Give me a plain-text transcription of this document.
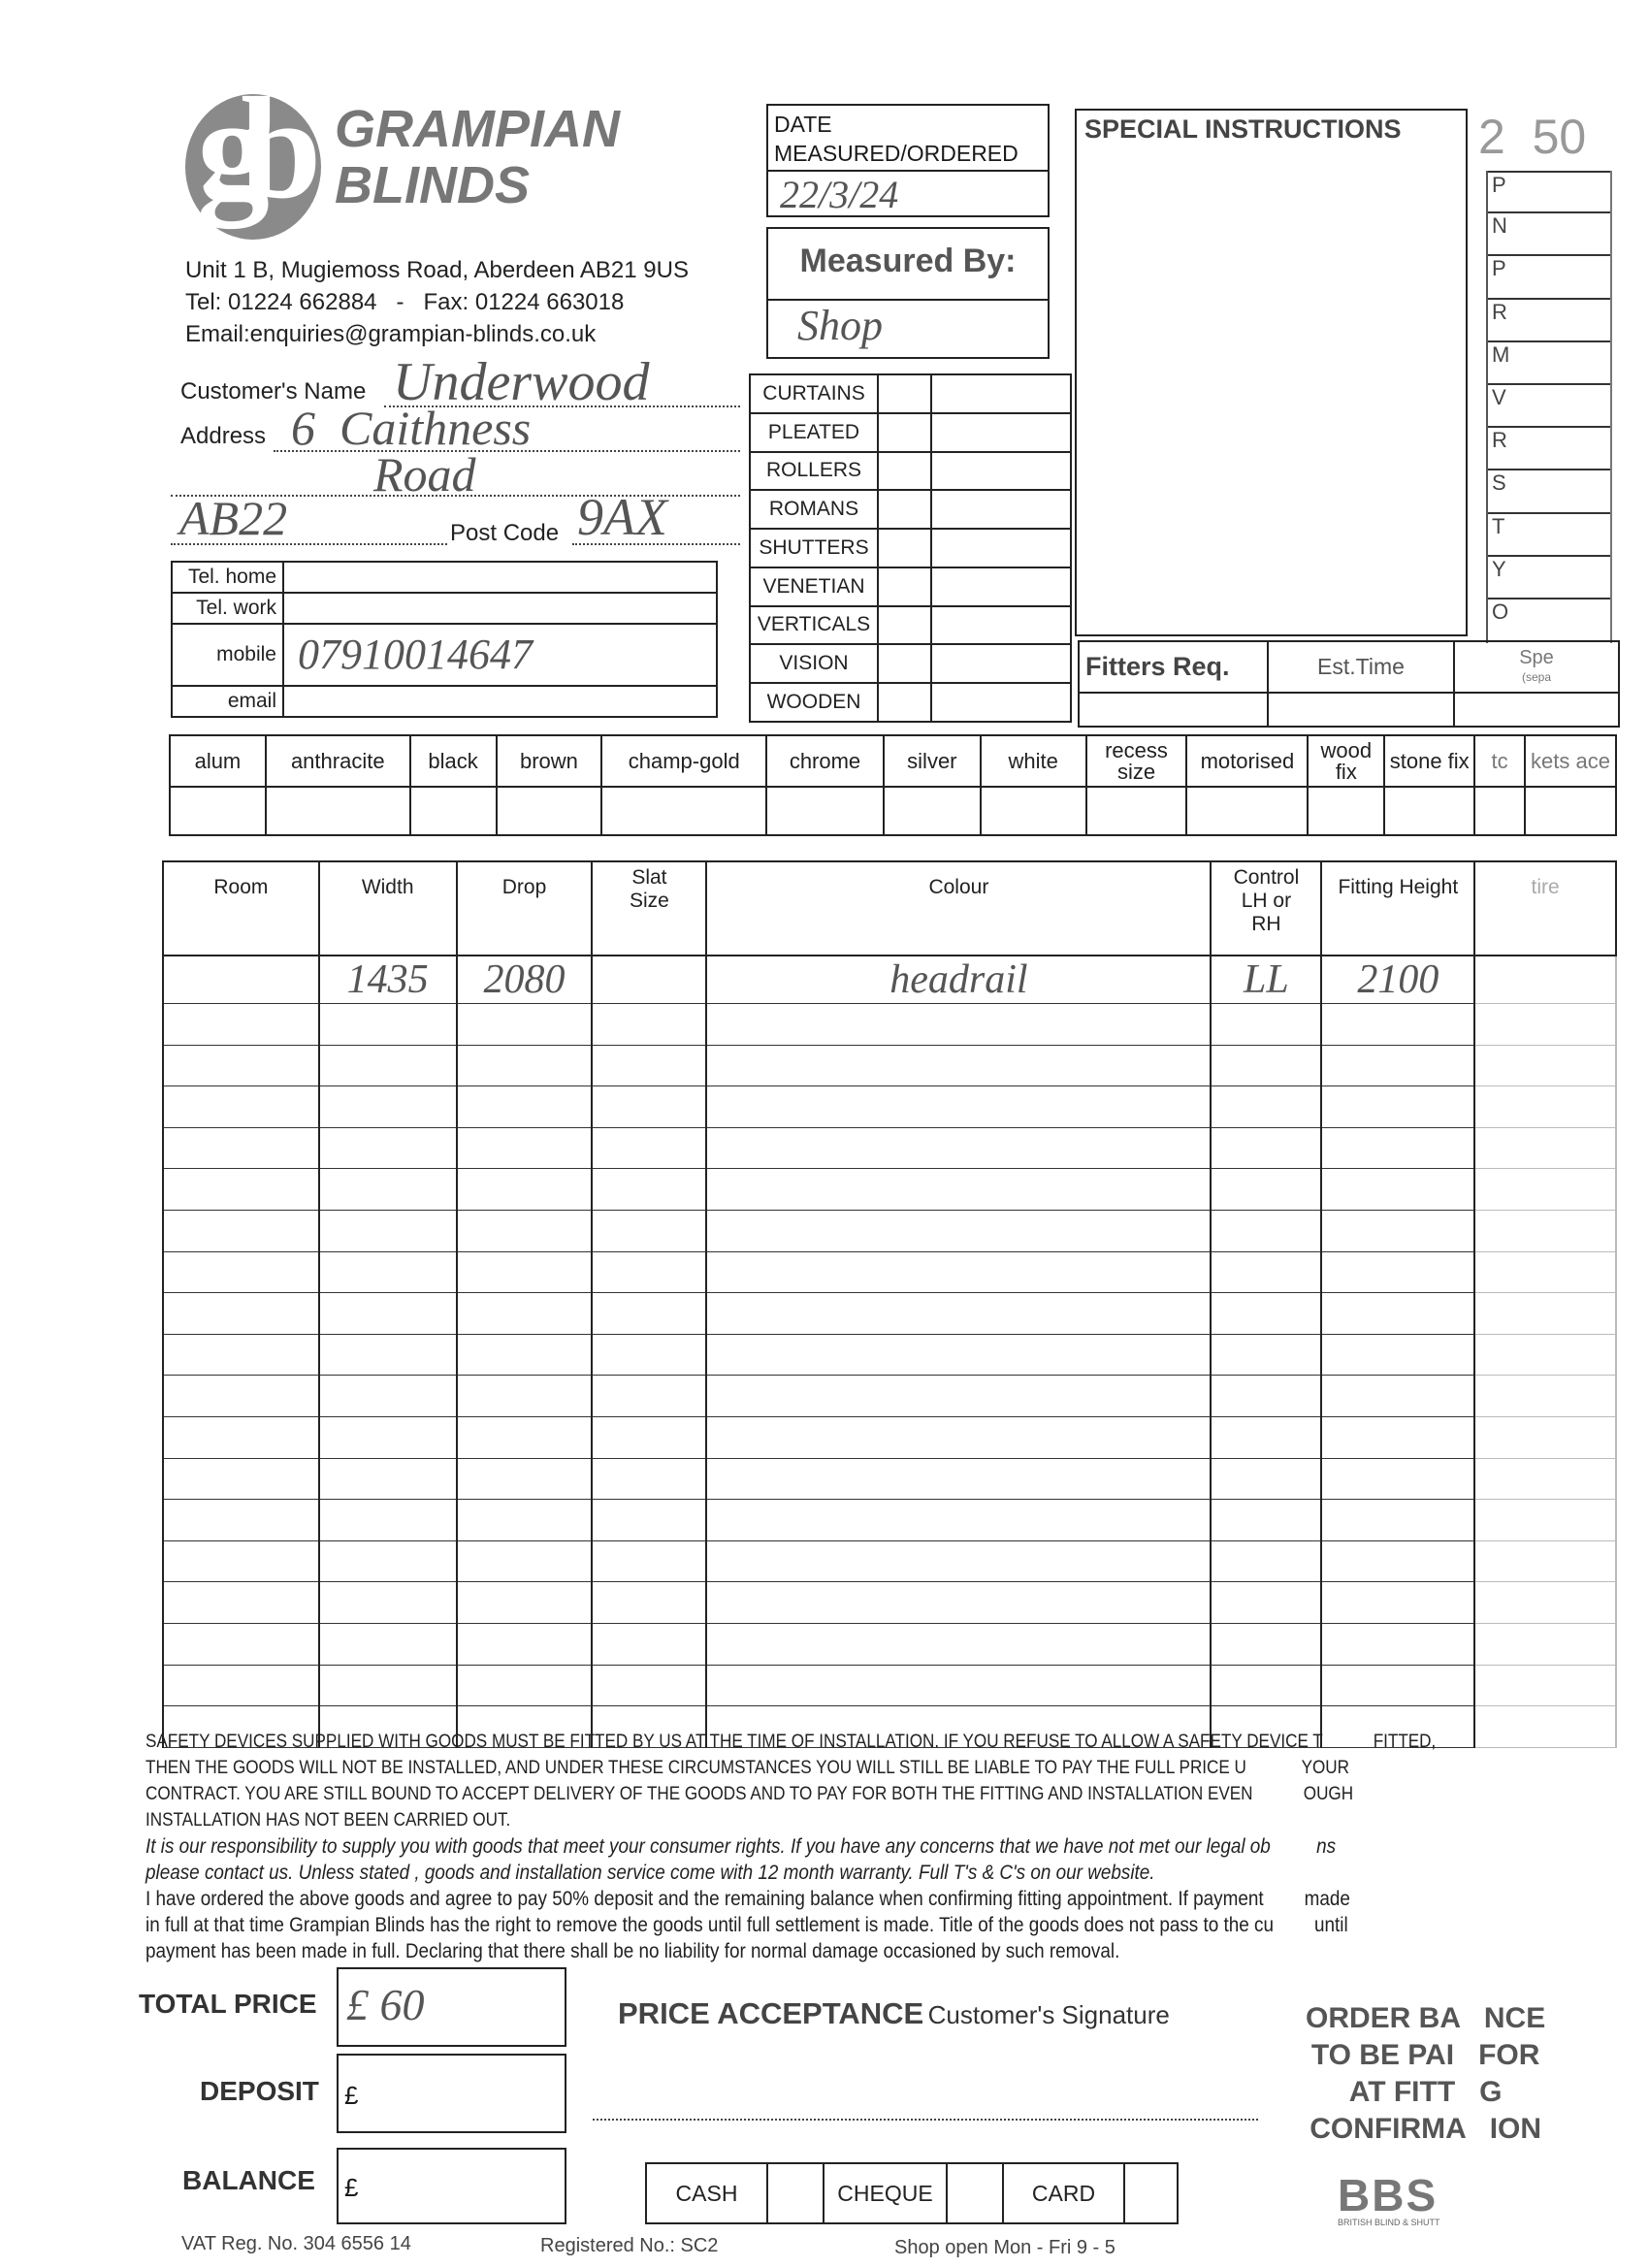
gb GRAMPIAN
BLINDS
Unit 1 B, Mugiemoss Road, Aberdeen AB21 9US
Tel: 01224 662884   -   Fax: 01224 663018
Email:enquiries@grampian-blinds.co.uk
DATE
MEASURED/ORDERED
22/3/24
Measured By:
Shop
SPECIAL INSTRUCTIONS	2  50
P
N
P
R
M
V
R
S
T
Y
O
Customer's Name Underwood
Address 6  Caithness
Road
AB22	Post Code 9AX
Tel. home	
Tel. work	
mobile	07910014647
email	
CURTAINS		
PLEATED		
ROLLERS		
ROMANS		
SHUTTERS		
VENETIAN		
VERTICALS		
VISION		
WOODEN		
Fitters Req.	Est.Time	Spe
(sepa

alum	anthracite	black	brown	champ-gold	chrome	silver	white	recess size	motorised	wood fix	stone fix	tc	kets ace

Room	Width	Drop	Slat Size	Colour	Control LH or RH	Fitting Height	tire
	1435	2080		headrail	LL	2100	

SAFETY DEVICES SUPPLIED WITH GOODS MUST BE FITTED BY US AT THE TIME OF INSTALLATION. IF YOU REFUSE TO ALLOW A SAFETY DEVICE T           FITTED,
THEN THE GOODS WILL NOT BE INSTALLED, AND UNDER THESE CIRCUMSTANCES YOU WILL STILL BE LIABLE TO PAY THE FULL PRICE U            YOUR
CONTRACT. YOU ARE STILL BOUND TO ACCEPT DELIVERY OF THE GOODS AND TO PAY FOR BOTH THE FITTING AND INSTALLATION EVEN           OUGH
INSTALLATION HAS NOT BEEN CARRIED OUT.
It is our responsibility to supply you with goods that meet your consumer rights. If you have any concerns that we have not met our legal ob         ns
please contact us. Unless stated , goods and installation service come with 12 month warranty. Full T's & C's on our website.
I have ordered the above goods and agree to pay 50% deposit and the remaining balance when confirming fitting appointment. If payment        made
in full at that time Grampian Blinds has the right to remove the goods until full settlement is made. Title of the goods does not pass to the cu        until
payment has been made in full. Declaring that there shall be no liability for normal damage occasioned by such removal.
TOTAL PRICE £ 60
DEPOSIT	£
BALANCE	£
PRICE ACCEPTANCE Customer's Signature
CASH		CHEQUE		CARD	
ORDER BA   NCE
TO BE PAI   FOR
AT FITT   G
CONFIRMA   ION
BBS
BRITISH BLIND & SHUTT
VAT Reg. No. 304 6556 14	Registered No.: SC2	Shop open Mon - Fri 9 - 5
